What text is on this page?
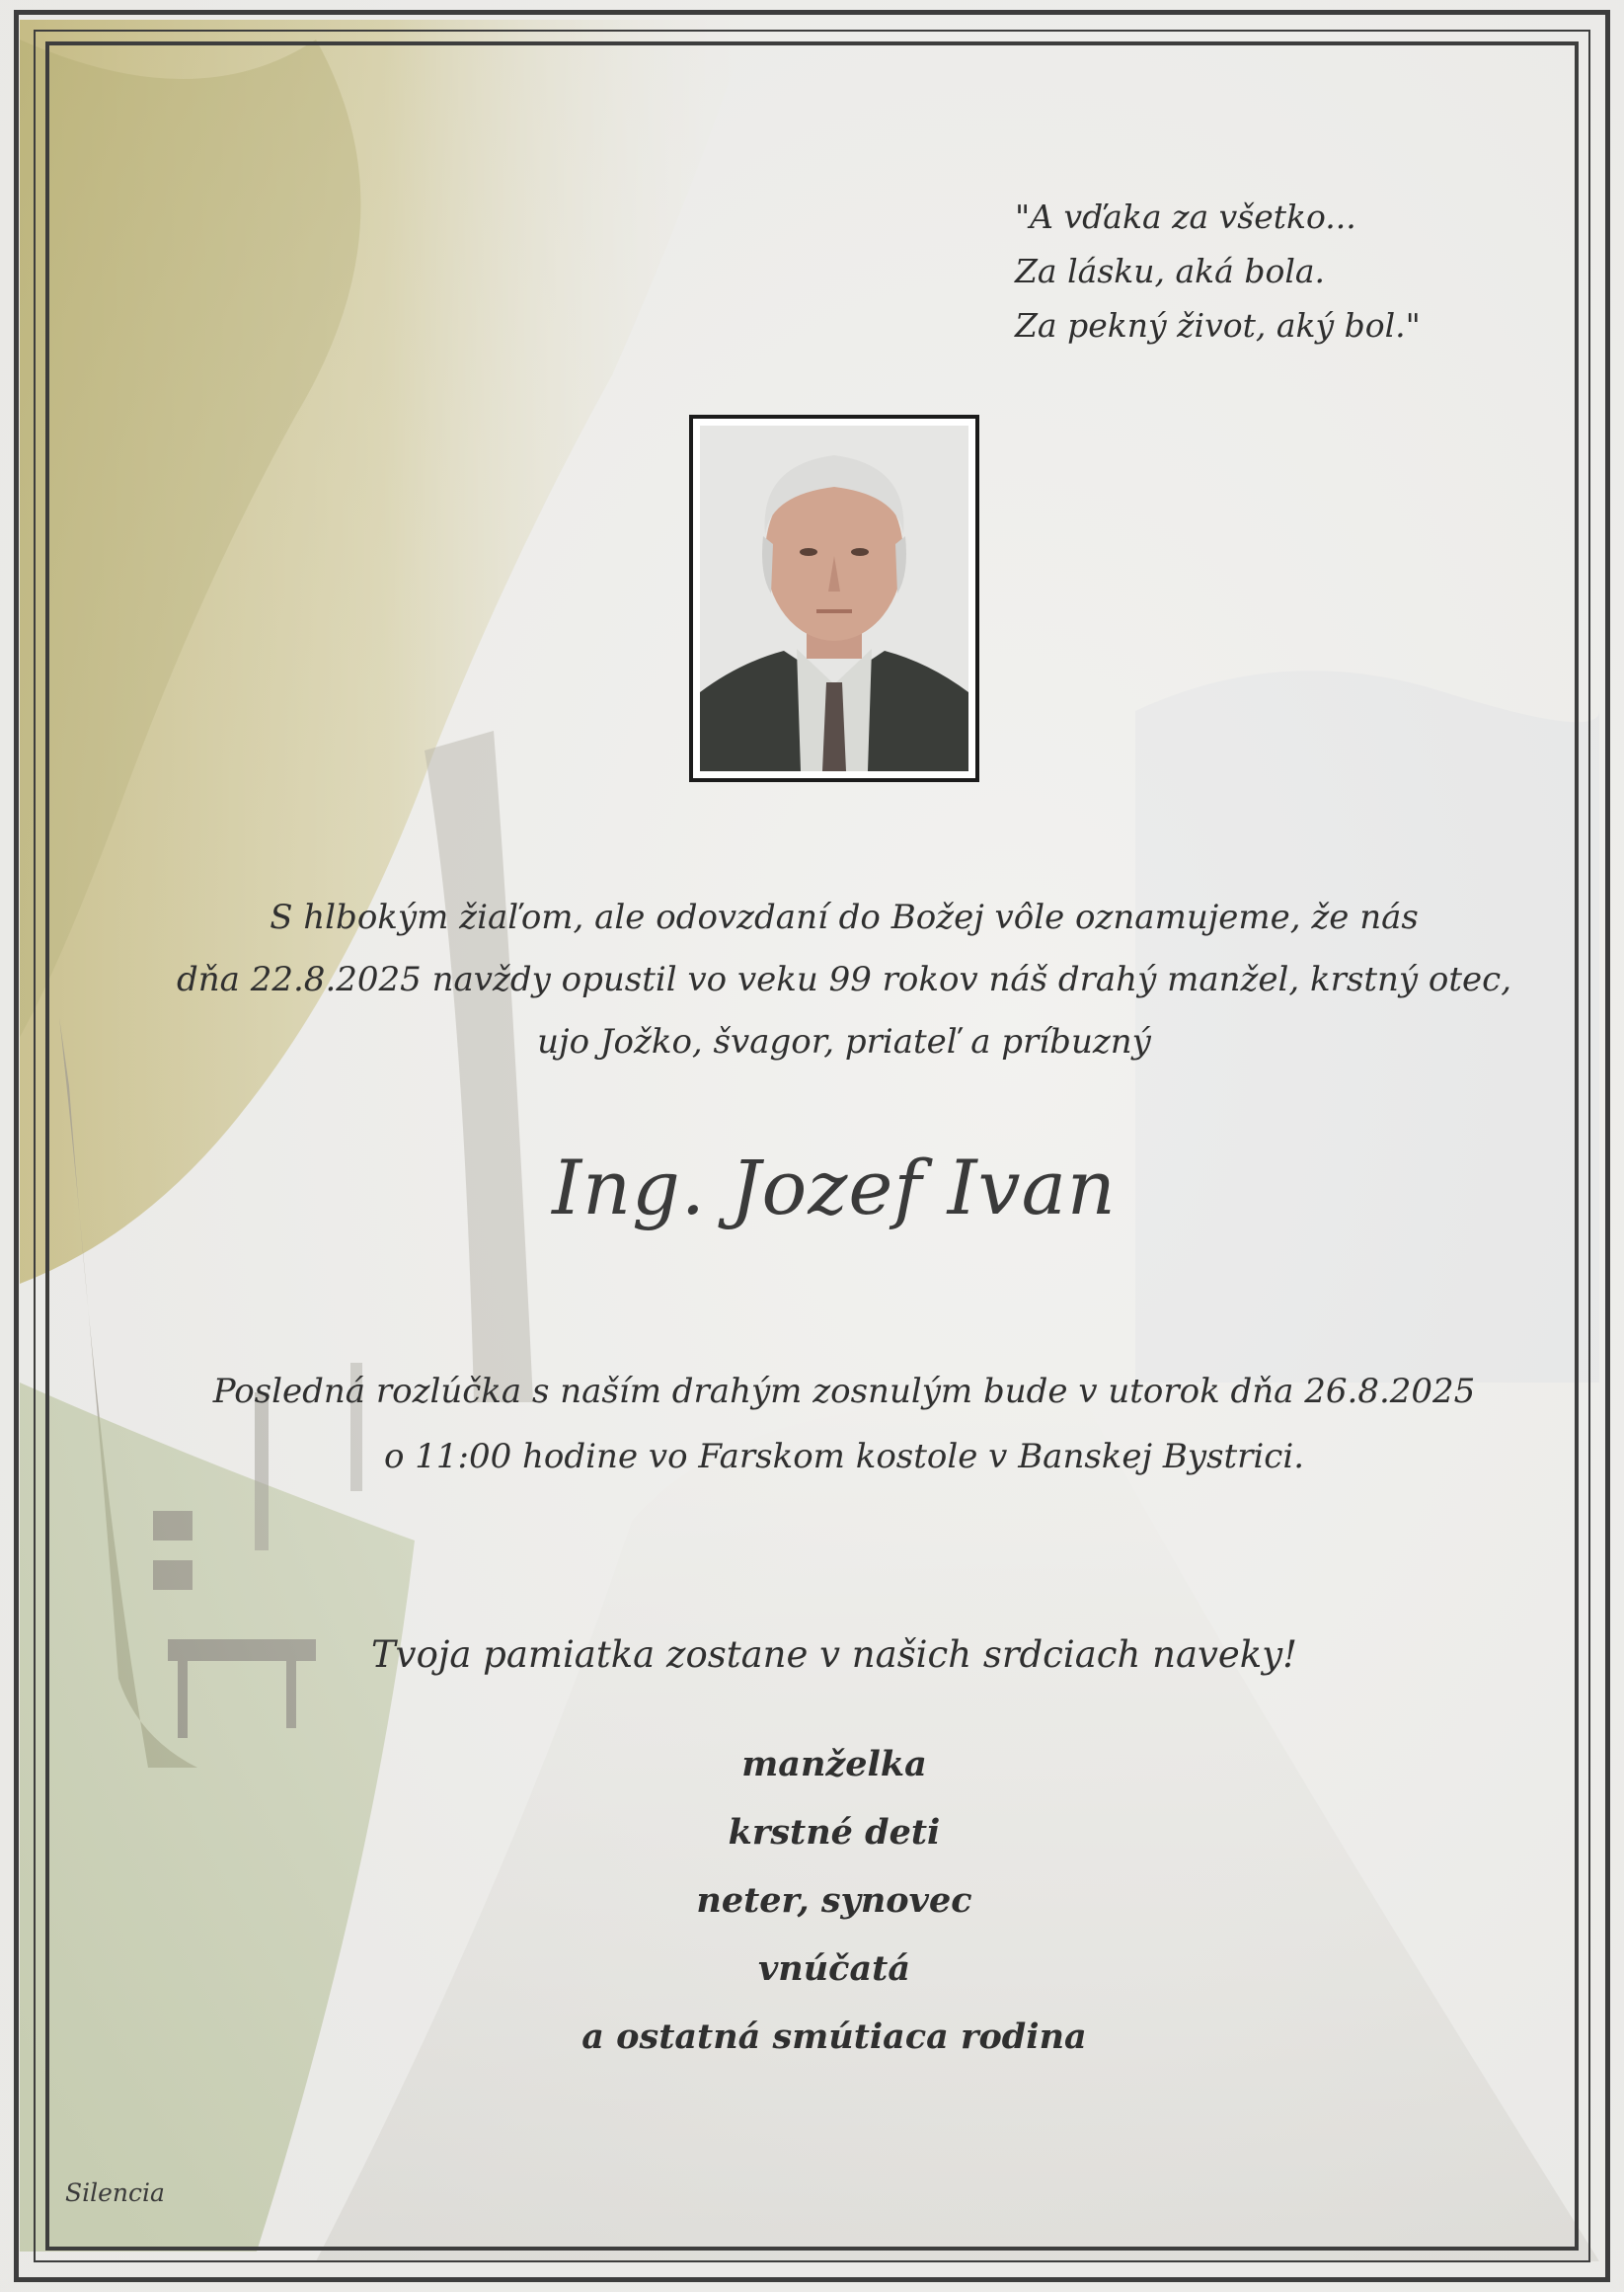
"A vďaka za všetko...
Za lásku, aká bola.
Za pekný život, aký bol."
S hlbokým žiaľom, ale odovzdaní do Božej vôle oznamujeme, že nás
dňa 22.8.2025 navždy opustil vo veku 99 rokov náš drahý manžel, krstný otec,
ujo Jožko, švagor, priateľ a príbuzný
Ing. Jozef Ivan
Posledná rozlúčka s naším drahým zosnulým bude v utorok dňa 26.8.2025
o 11:00 hodine vo Farskom kostole v Banskej Bystrici.
Tvoja pamiatka zostane v našich srdciach naveky!
manželka
krstné deti
neter, synovec
vnúčatá
a ostatná smútiaca rodina
Silencia
